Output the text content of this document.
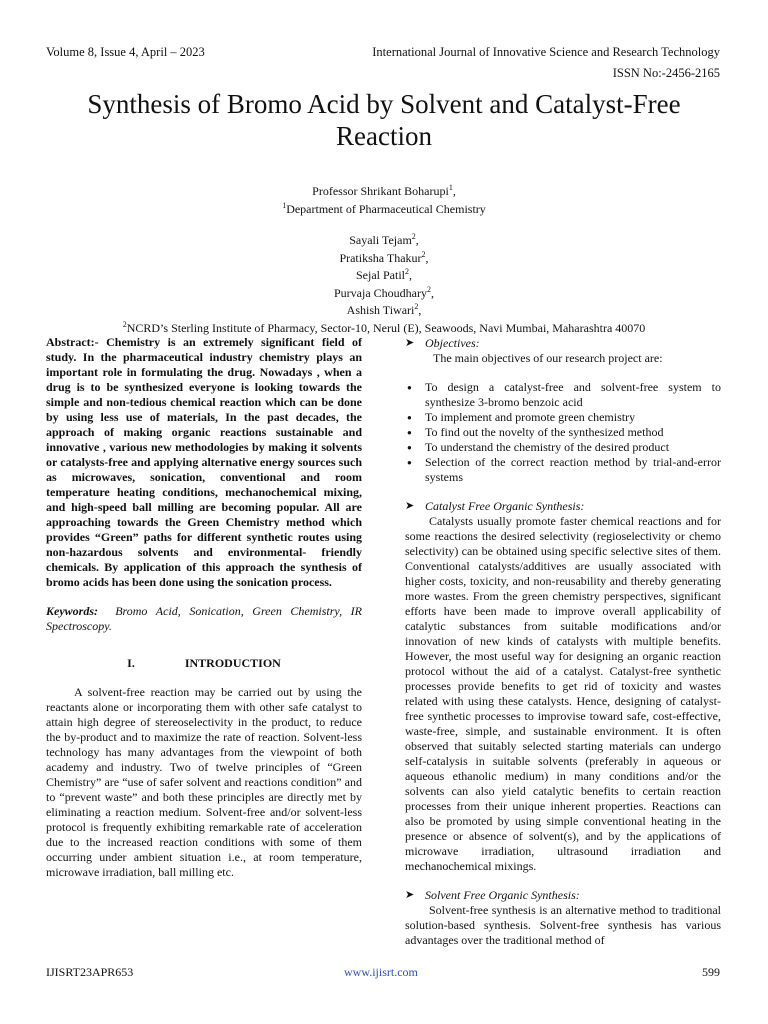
Volume 8, Issue 4, April – 2023	International Journal of Innovative Science and Research Technology
ISSN No:-2456-2165
Synthesis of Bromo Acid by Solvent and Catalyst-Free Reaction
Professor Shrikant Boharupi$^1$,
$^1$Department of Pharmaceutical Chemistry
Sayali Tejam$^2$,
Pratiksha Thakur$^2$,
Sejal Patil$^2$,
Purvaja Choudhary$^2$,
Ashish Tiwari$^2$,
$^2$NCRD’s Sterling Institute of Pharmacy, Sector-10, Nerul (E), Seawoods, Navi Mumbai, Maharashtra 40070

Abstract:- Chemistry is an extremely significant field of study. In the pharmaceutical industry chemistry plays an important role in formulating the drug. Nowadays , when a drug is to be synthesized everyone is looking towards the simple and non-tedious chemical reaction which can be done by using less use of materials, In the past decades, the approach of making organic reactions sustainable and innovative , various new methodologies by making it solvents or catalysts-free and applying alternative energy sources such as microwaves, sonication, conventional and room temperature heating conditions, mechanochemical mixing, and high-speed ball milling are becoming popular. All are approaching towards the Green Chemistry method which provides “Green” paths for different synthetic routes using non-hazardous solvents and environmental- friendly chemicals. By application of this approach the synthesis of bromo acids has been done using the sonication process.

Keywords: Bromo Acid, Sonication, Green Chemistry, IR Spectroscopy.

I.	INTRODUCTION

A solvent-free reaction may be carried out by using the reactants alone or incorporating them with other safe catalyst to attain high degree of stereoselectivity in the product, to reduce the by-product and to maximize the rate of reaction. Solvent-less technology has many advantages from the viewpoint of both academy and industry. Two of twelve principles of “Green Chemistry” are “use of safer solvent and reactions condition” and to “prevent waste” and both these principles are directly met by eliminating a reaction medium. Solvent-free and/or solvent-less protocol is frequently exhibiting remarkable rate of acceleration due to the increased reaction conditions with some of them occurring under ambient situation i.e., at room temperature, microwave irradiation, ball milling etc.

➤ Objectives:

The main objectives of our research project are:

● To design a catalyst-free and solvent-free system to synthesize 3-bromo benzoic acid
● To implement and promote green chemistry
● To find out the novelty of the synthesized method
● To understand the chemistry of the desired product
● Selection of the correct reaction method by trial-and-error systems

➤ Catalyst Free Organic Synthesis:

Catalysts usually promote faster chemical reactions and for some reactions the desired selectivity (regioselectivity or chemo selectivity) can be obtained using specific selective sites of them. Conventional catalysts/additives are usually associated with higher costs, toxicity, and non-reusability and thereby generating more wastes. From the green chemistry perspectives, significant efforts have been made to improve overall applicability of catalytic substances from suitable modifications and/or innovation of new kinds of catalysts with multiple benefits. However, the most useful way for designing an organic reaction protocol without the aid of a catalyst. Catalyst-free synthetic processes provide benefits to get rid of toxicity and wastes related with using these catalysts. Hence, designing of catalyst-free synthetic processes to improvise toward safe, cost-effective, waste-free, simple, and sustainable environment. It is often observed that suitably selected starting materials can undergo self-catalysis in suitable solvents (preferably in aqueous or aqueous ethanolic medium) in many conditions and/or the solvents can also yield catalytic benefits to certain reaction processes from their unique inherent properties. Reactions can also be promoted by using simple conventional heating in the presence or absence of solvent(s), and by the applications of microwave irradiation, ultrasound irradiation and mechanochemical mixings.

➤ Solvent Free Organic Synthesis:

Solvent-free synthesis is an alternative method to traditional solution-based synthesis. Solvent-free synthesis has various advantages over the traditional method of

IJISRT23APR653	www.ijisrt.com	599
